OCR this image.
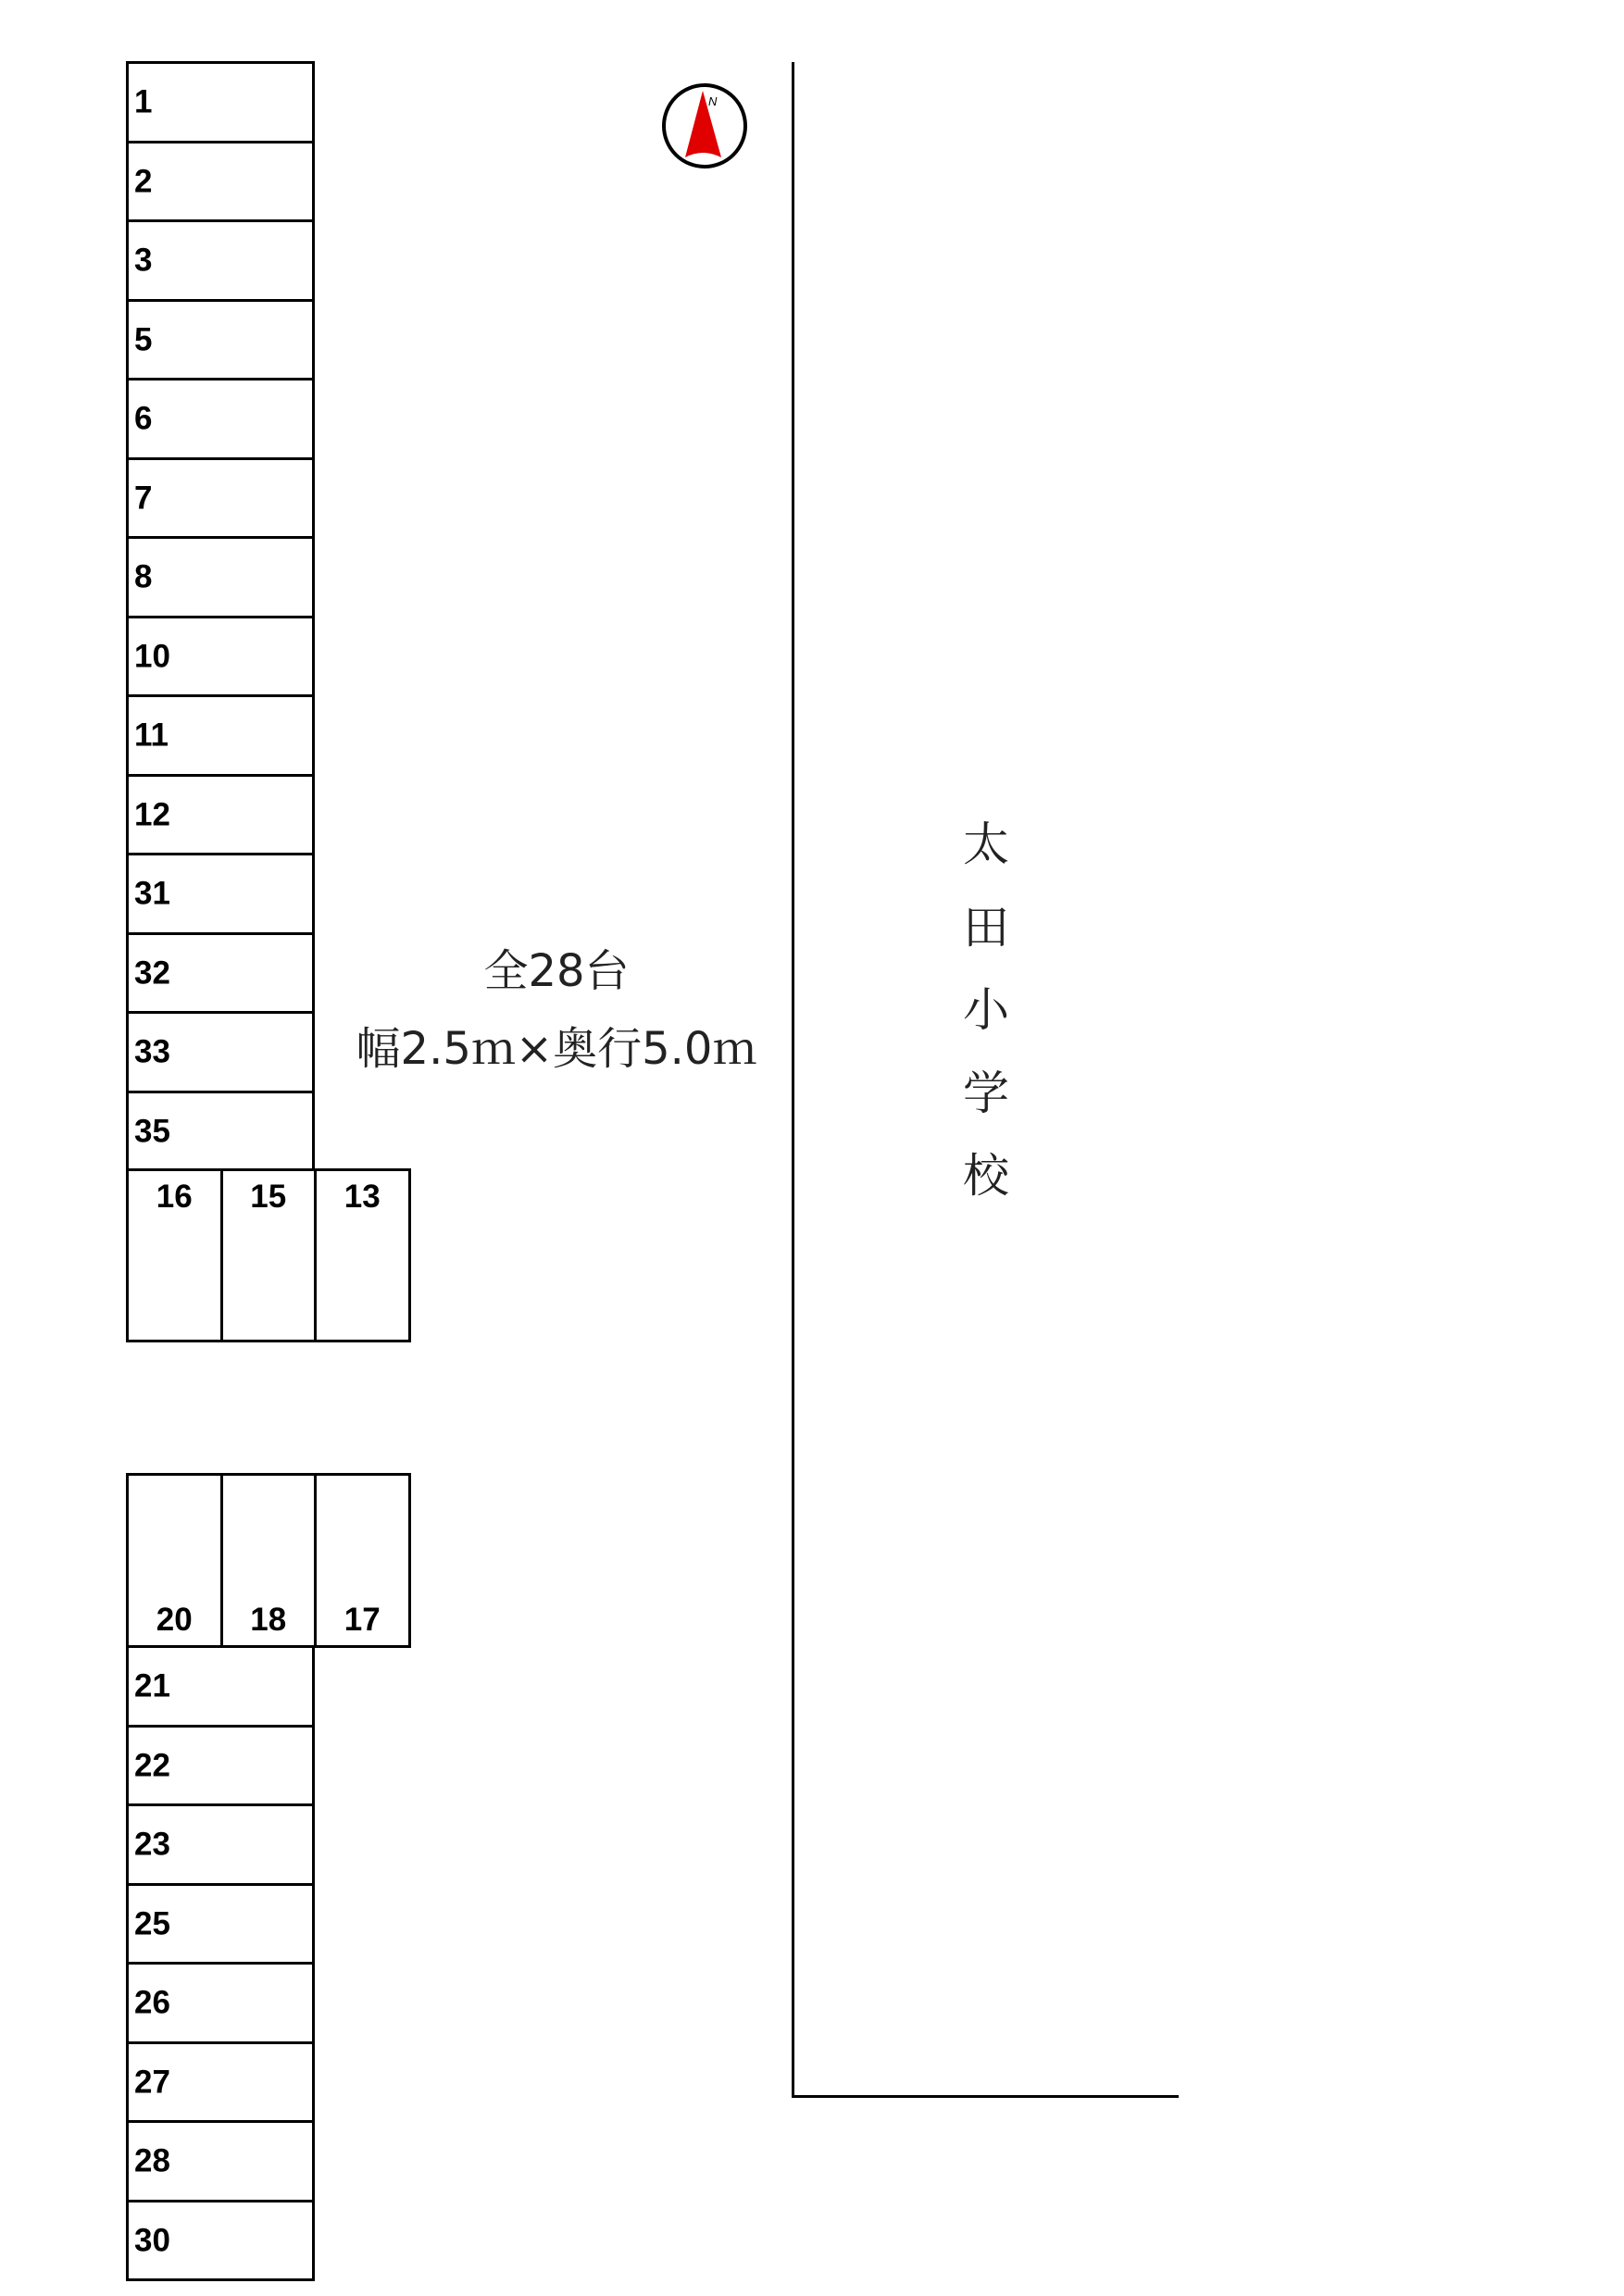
1
2
3
5
6
7
8
10
11
12
31
32
33
35
16	15	13
20	18	17
21
22
23
25
26
27
28
30
N
全28台
幅2.5ｍ×奥行5.0ｍ
太
田
小
学
校
